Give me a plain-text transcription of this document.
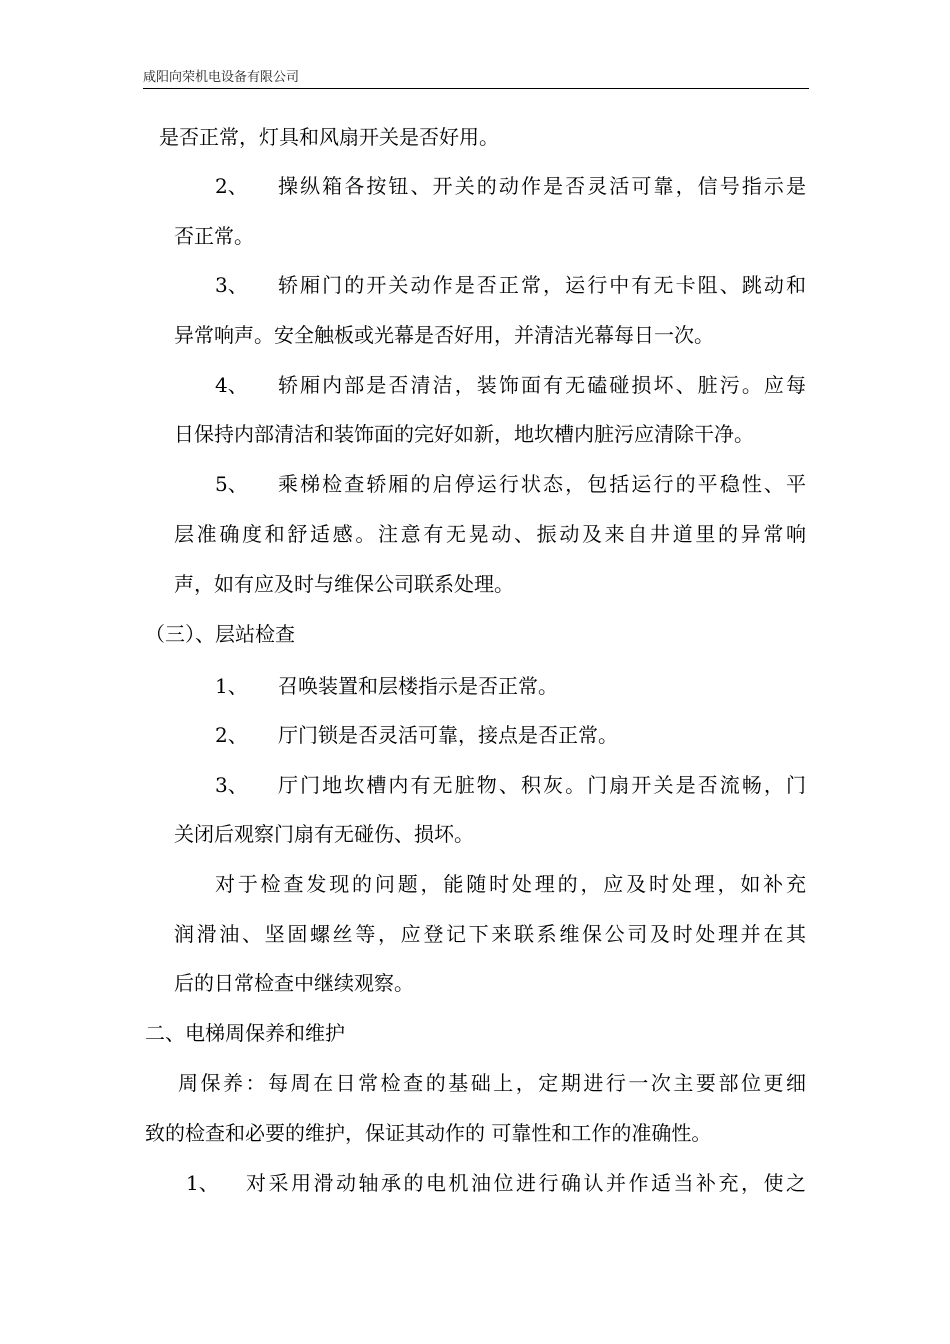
咸阳向荣机电设备有限公司

是否正常，灯具和风扇开关是否好用。

2、 操纵箱各按钮、开关的动作是否灵活可靠，信号指示是

否正常。

3、 轿厢门的开关动作是否正常，运行中有无卡阻、跳动和

异常响声。安全触板或光幕是否好用，并清洁光幕每日一次。

4、 轿厢内部是否清洁，装饰面有无磕碰损坏、脏污。应每

日保持内部清洁和装饰面的完好如新，地坎槽内脏污应清除干净。

5、 乘梯检查轿厢的启停运行状态，包括运行的平稳性、平

层准确度和舒适感。注意有无晃动、振动及来自井道里的异常响

声，如有应及时与维保公司联系处理。

（三）、层站检查

1、 召唤装置和层楼指示是否正常。

2、 厅门锁是否灵活可靠，接点是否正常。

3、 厅门地坎槽内有无脏物、积灰。门扇开关是否流畅，门

关闭后观察门扇有无碰伤、损坏。

对于检查发现的问题，能随时处理的，应及时处理，如补充

润滑油、坚固螺丝等，应登记下来联系维保公司及时处理并在其

后的日常检查中继续观察。

二、电梯周保养和维护

周保养：每周在日常检查的基础上，定期进行一次主要部位更细

致的检查和必要的维护，保证其动作的 可靠性和工作的准确性。

1、 对采用滑动轴承的电机油位进行确认并作适当补充，使之
